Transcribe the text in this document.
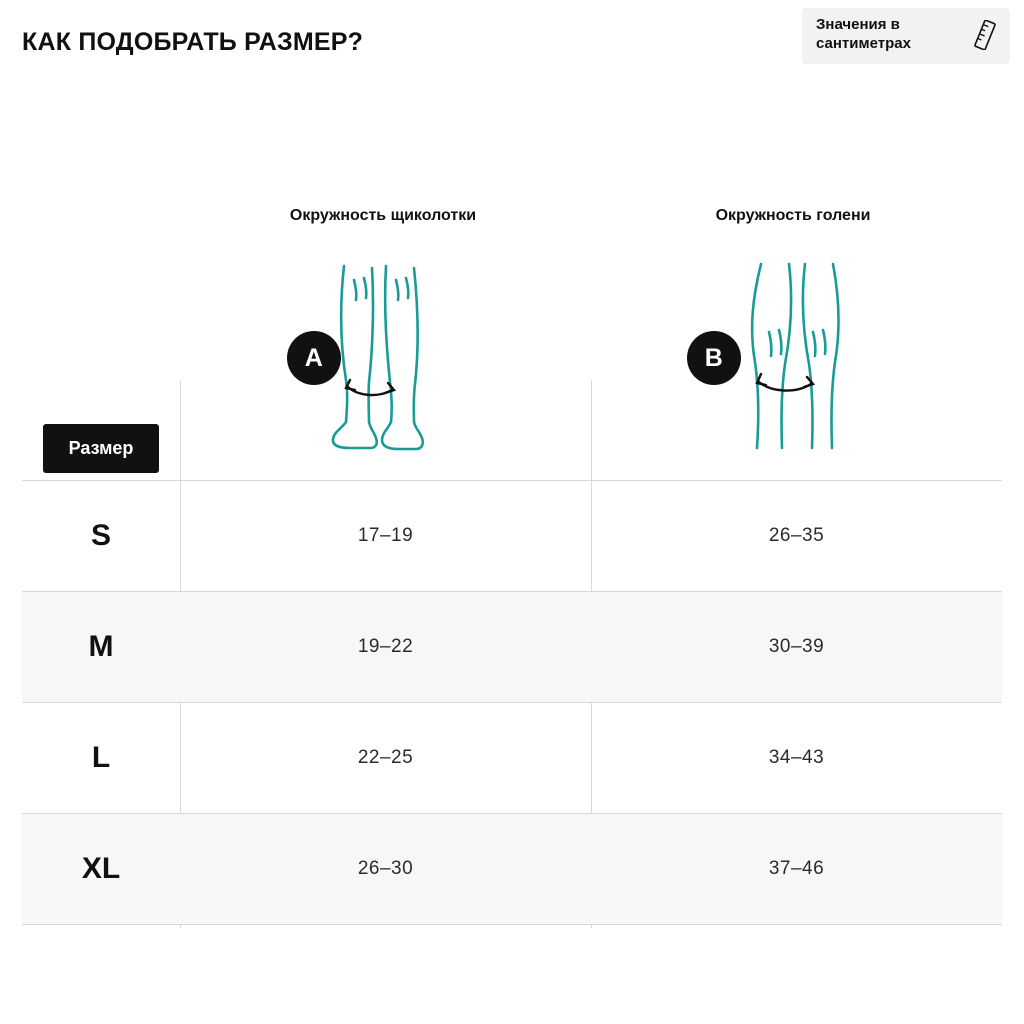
КАК ПОДОБРАТЬ РАЗМЕР?
Значения в сантиметрах
Окружность щиколотки	Окружность голени
A	B
Размер		
S	17–19	26–35
M	19–22	30–39
L	22–25	34–43
XL	26–30	37–46
